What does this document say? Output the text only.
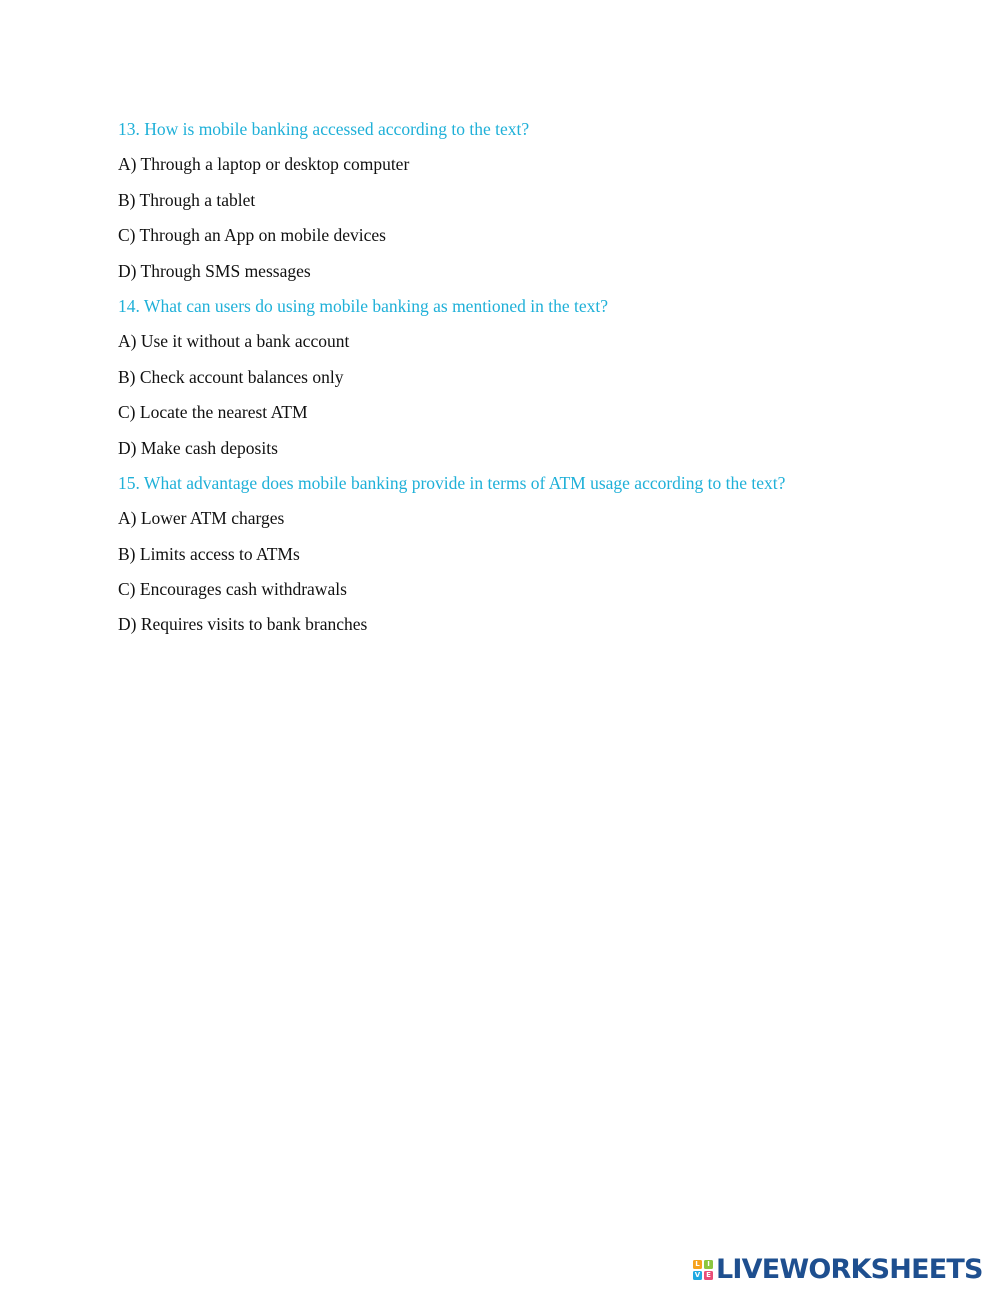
13. How is mobile banking accessed according to the text?
A) Through a laptop or desktop computer
B) Through a tablet
C) Through an App on mobile devices
D) Through SMS messages
14. What can users do using mobile banking as mentioned in the text?
A) Use it without a bank account
B) Check account balances only
C) Locate the nearest ATM
D) Make cash deposits
15. What advantage does mobile banking provide in terms of ATM usage according to the text?
A) Lower ATM charges
B) Limits access to ATMs
C) Encourages cash withdrawals
D) Requires visits to bank branches
L	I
V E LIVEWORKSHEETS
